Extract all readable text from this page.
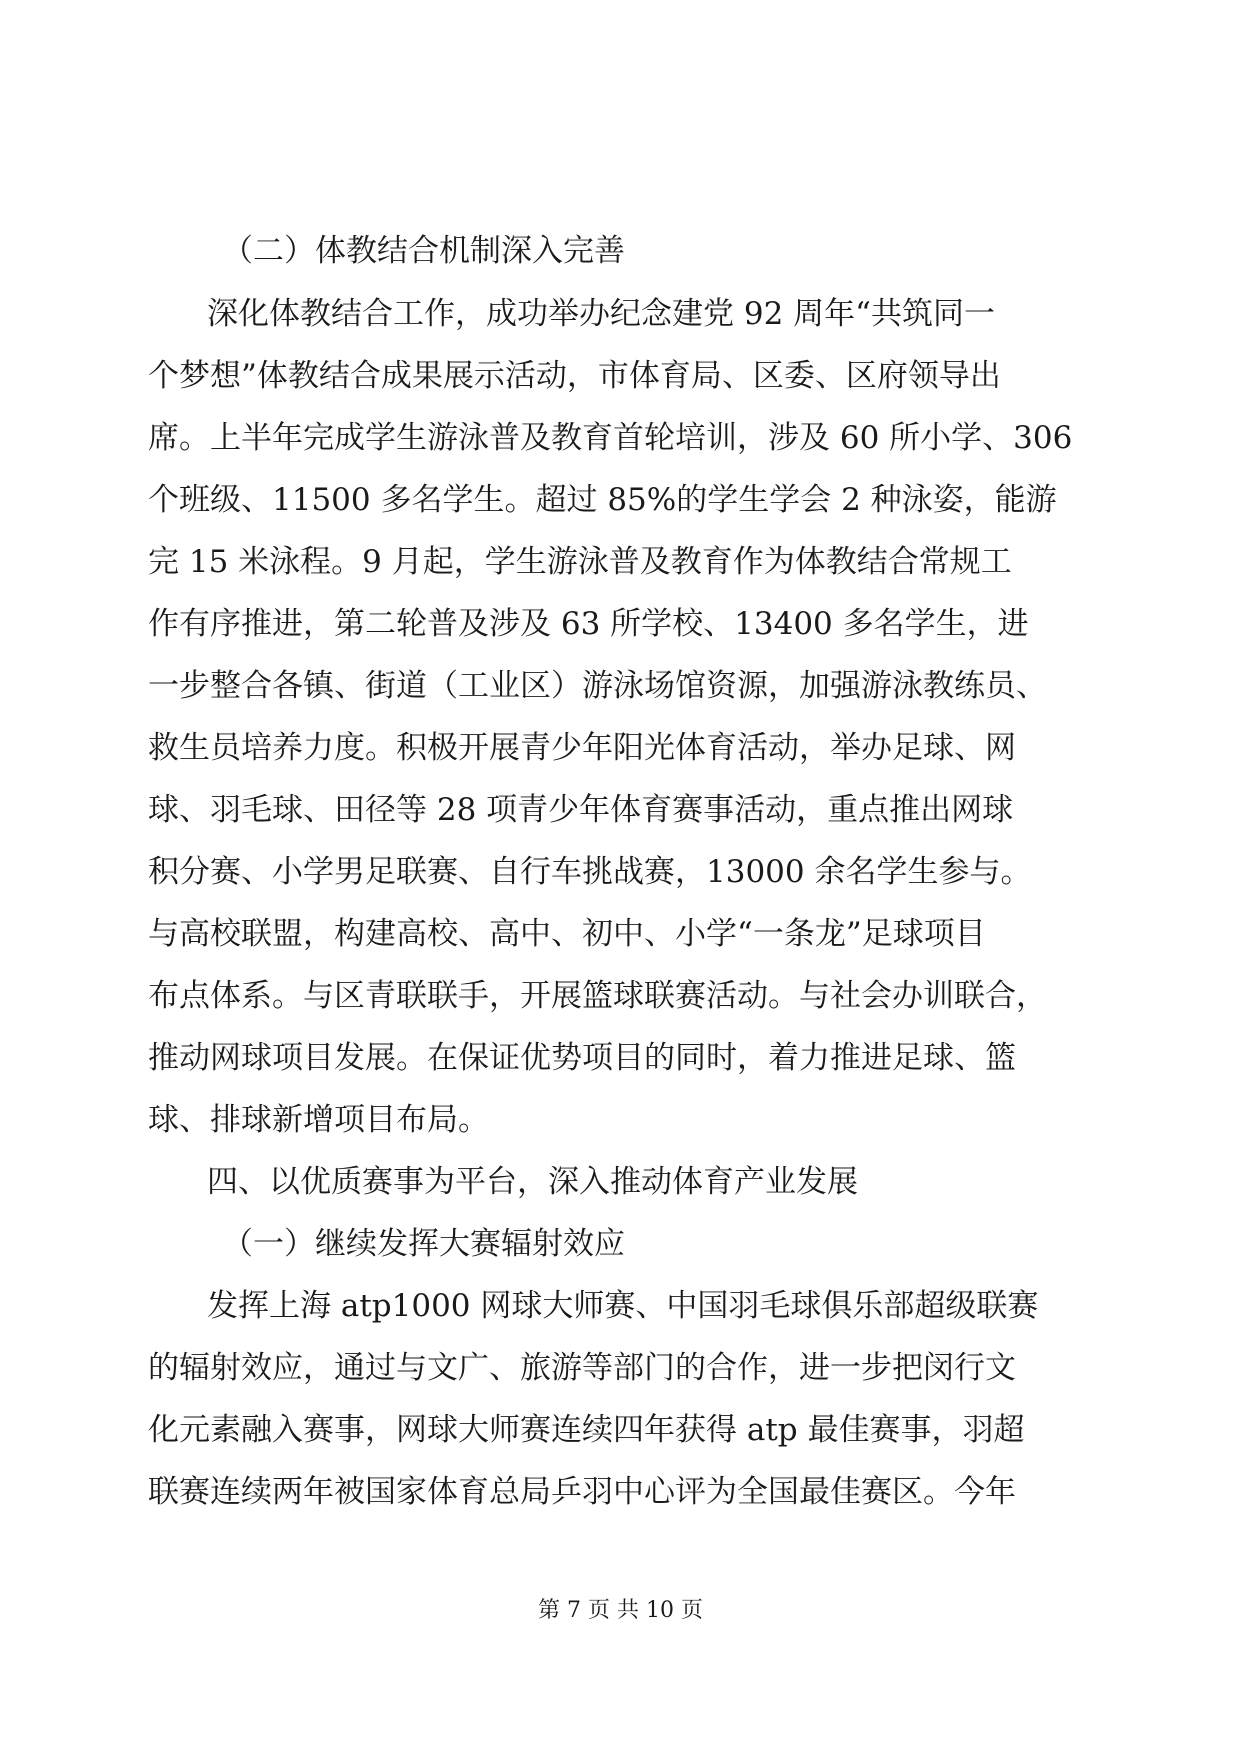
（二）体教结合机制深入完善
深化体教结合工作，成功举办纪念建党 92 周年“共筑同一
个梦想”体教结合成果展示活动，市体育局、区委、区府领导出
席。上半年完成学生游泳普及教育首轮培训，涉及 60 所小学、306
个班级、11500 多名学生。超过 85%的学生学会 2 种泳姿，能游
完 15 米泳程。9 月起，学生游泳普及教育作为体教结合常规工
作有序推进，第二轮普及涉及 63 所学校、13400 多名学生，进
一步整合各镇、街道（工业区）游泳场馆资源，加强游泳教练员、
救生员培养力度。积极开展青少年阳光体育活动，举办足球、网
球、羽毛球、田径等 28 项青少年体育赛事活动，重点推出网球
积分赛、小学男足联赛、自行车挑战赛，13000 余名学生参与。
与高校联盟，构建高校、高中、初中、小学“一条龙”足球项目
布点体系。与区青联联手，开展篮球联赛活动。与社会办训联合，
推动网球项目发展。在保证优势项目的同时，着力推进足球、篮
球、排球新增项目布局。
四、以优质赛事为平台，深入推动体育产业发展
（一）继续发挥大赛辐射效应
发挥上海 atp1000 网球大师赛、中国羽毛球俱乐部超级联赛
的辐射效应，通过与文广、旅游等部门的合作，进一步把闵行文
化元素融入赛事，网球大师赛连续四年获得 atp 最佳赛事，羽超
联赛连续两年被国家体育总局乒羽中心评为全国最佳赛区。今年
第 7 页 共 10 页
